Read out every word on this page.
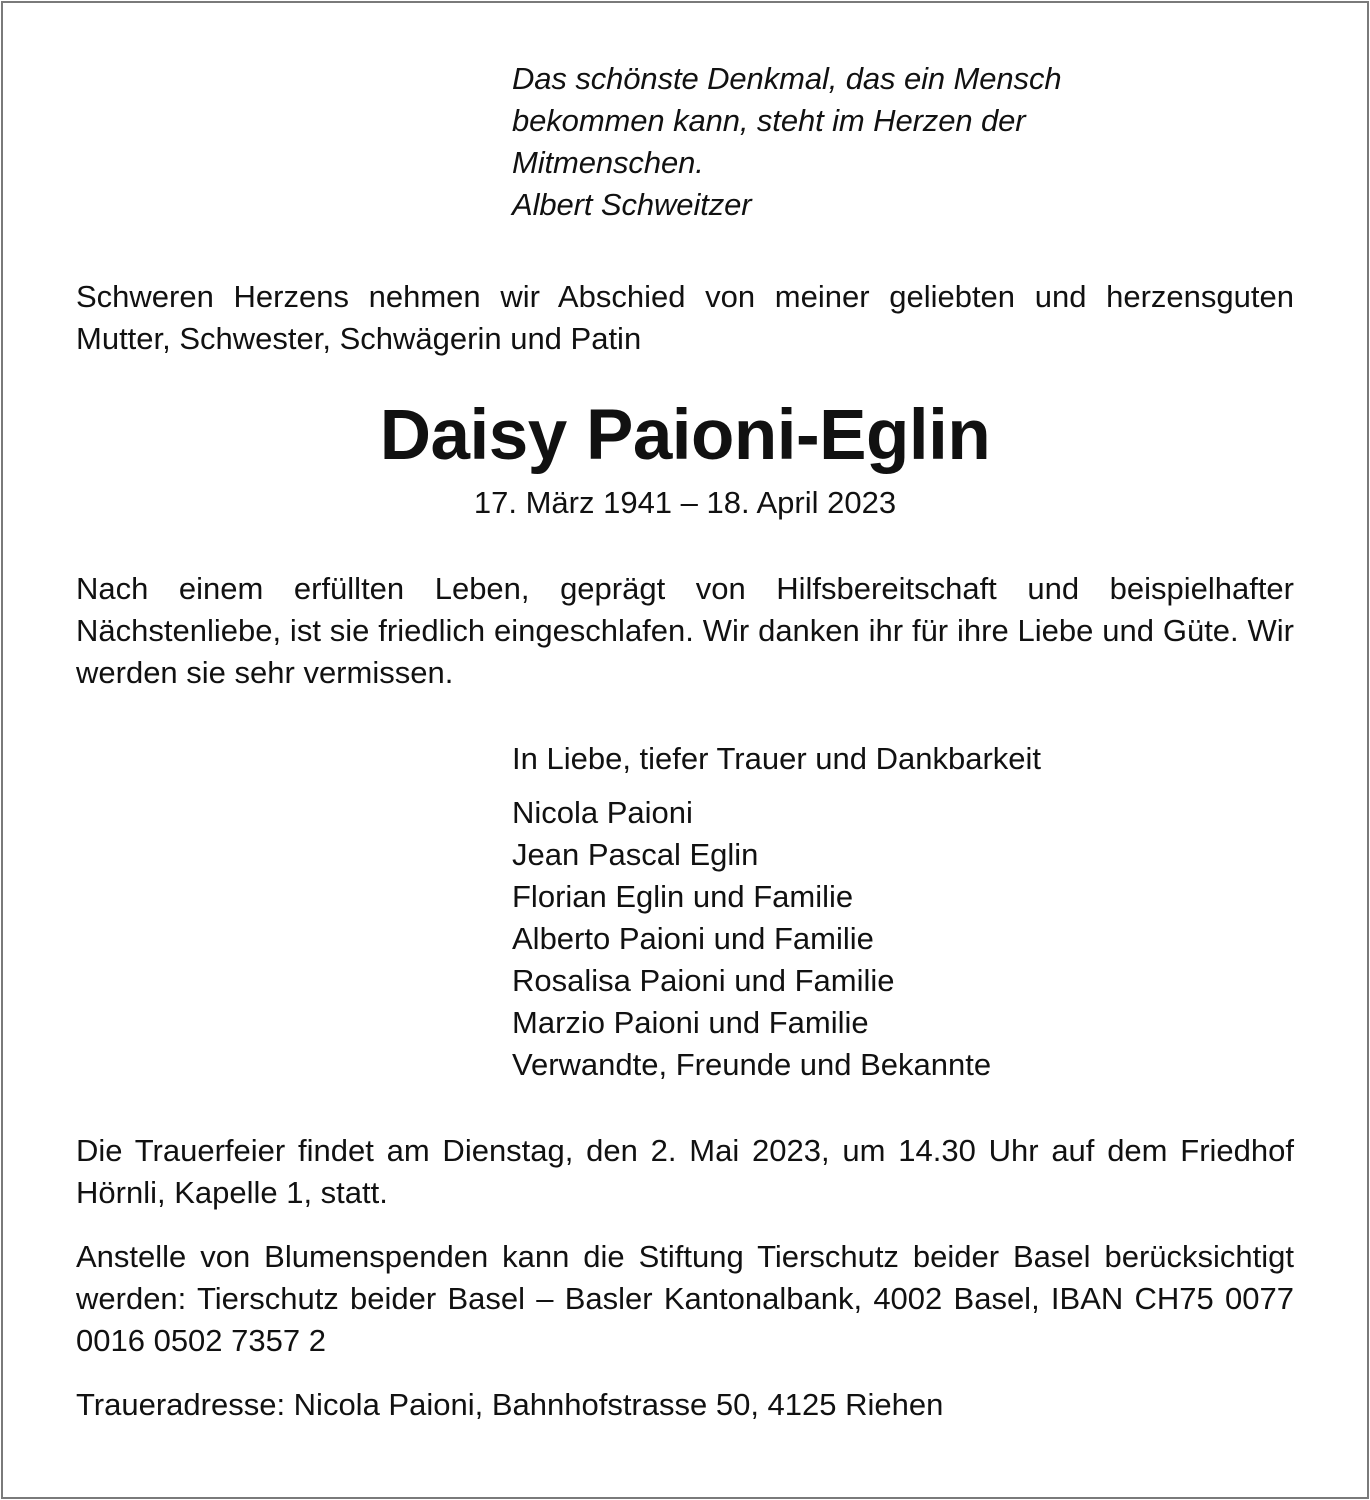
Das schönste Denkmal, das ein Mensch
bekommen kann, steht im Herzen der
Mitmenschen.
Albert Schweitzer
Schweren Herzens nehmen wir Abschied von meiner geliebten und herzensguten Mutter, Schwester, Schwägerin und Patin
Daisy Paioni-Eglin
17. März 1941 – 18. April 2023
Nach einem erfüllten Leben, geprägt von Hilfsbereitschaft und beispielhafter Nächstenliebe, ist sie friedlich eingeschlafen. Wir danken ihr für ihre Liebe und Güte. Wir werden sie sehr vermissen.
In Liebe, tiefer Trauer und Dankbarkeit
Nicola Paioni
Jean Pascal Eglin
Florian Eglin und Familie
Alberto Paioni und Familie
Rosalisa Paioni und Familie
Marzio Paioni und Familie
Verwandte, Freunde und Bekannte
Die Trauerfeier findet am Dienstag, den 2. Mai 2023, um 14.30 Uhr auf dem Friedhof Hörnli, Kapelle 1, statt.
Anstelle von Blumenspenden kann die Stiftung Tierschutz beider Basel berücksichtigt werden: Tierschutz beider Basel – Basler Kantonalbank, 4002 Basel, IBAN CH75 0077 0016 0502 7357 2
Traueradresse: Nicola Paioni, Bahnhofstrasse 50, 4125 Riehen
